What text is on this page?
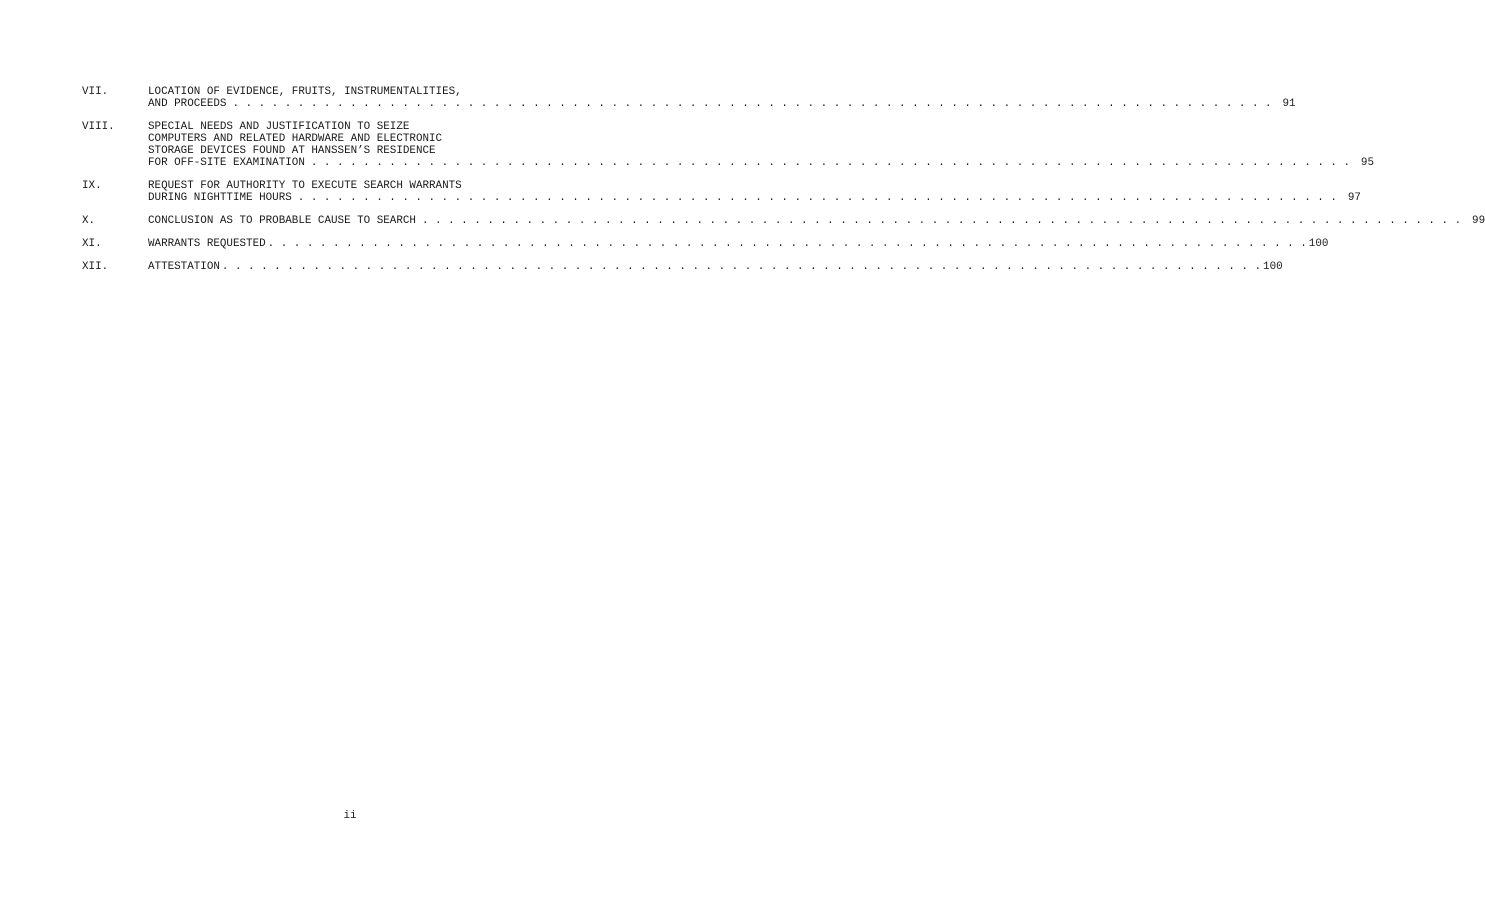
VII.	LOCATION OF EVIDENCE, FRUITS, INSTRUMENTALITIES,
AND PROCEEDS . . . . . . . . . . . . . . . . . . . . . . . . . . . . . . . . . . . . . . . . . . . . . . . . . . . . . . . . . . . . . . . . . . . . . . . . . . . . . . . .	91
VIII.	SPECIAL NEEDS AND JUSTIFICATION TO SEIZE
COMPUTERS AND RELATED HARDWARE AND ELECTRONIC
STORAGE DEVICES FOUND AT HANSSEN’S RESIDENCE
FOR OFF-SITE EXAMINATION . . . . . . . . . . . . . . . . . . . . . . . . . . . . . . . . . . . . . . . . . . . . . . . . . . . . . . . . . . . . . . . . . . . . . . . . . . . . . . . .	95
IX.	REQUEST FOR AUTHORITY TO EXECUTE SEARCH WARRANTS
DURING NIGHTTIME HOURS . . . . . . . . . . . . . . . . . . . . . . . . . . . . . . . . . . . . . . . . . . . . . . . . . . . . . . . . . . . . . . . . . . . . . . . . . . . . . . . .	97
X.	CONCLUSION AS TO PROBABLE CAUSE TO SEARCH . . . . . . . . . . . . . . . . . . . . . . . . . . . . . . . . . . . . . . . . . . . . . . . . . . . . . . . . . . . . . . . . . . . . . . . . . . . . . . . .	99
XI.	WARRANTS REQUESTED . . . . . . . . . . . . . . . . . . . . . . . . . . . . . . . . . . . . . . . . . . . . . . . . . . . . . . . . . . . . . . . . . . . . . . . . . . . . . . . . 100
XII.	ATTESTATION . . . . . . . . . . . . . . . . . . . . . . . . . . . . . . . . . . . . . . . . . . . . . . . . . . . . . . . . . . . . . . . . . . . . . . . . . . . . . . . . 100
ii
